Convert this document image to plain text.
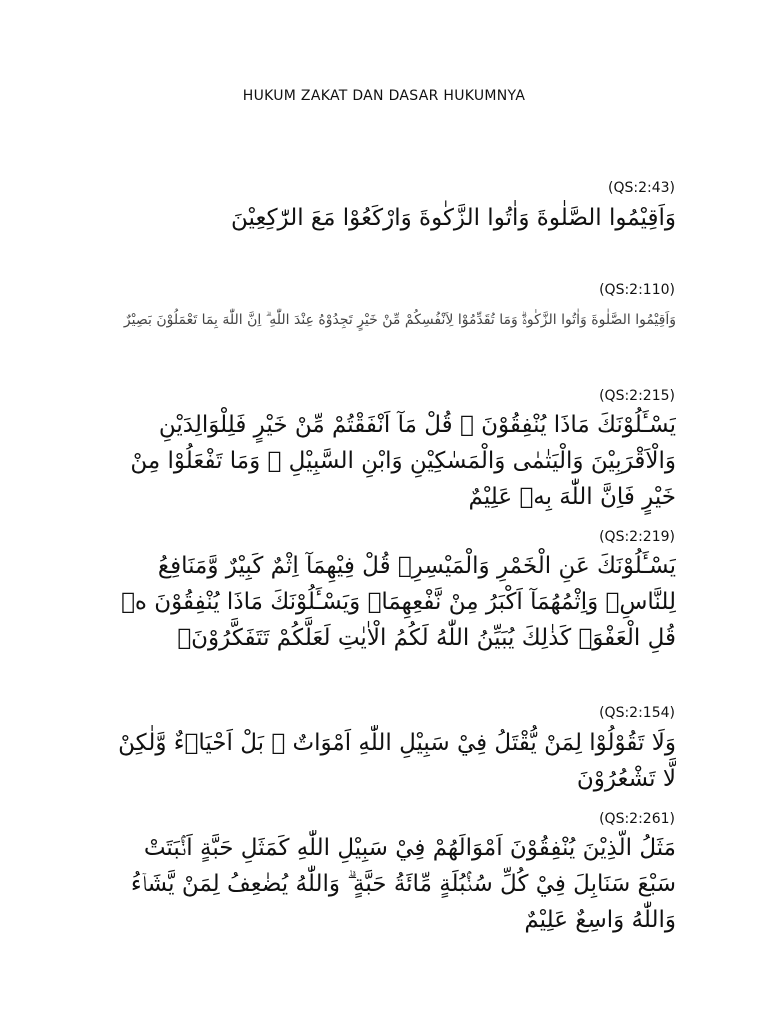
HUKUM ZAKAT DAN DASAR HUKUMNYA
(QS:2:43)
وَاَقِيْمُوا الصَّلٰوةَ وَاٰتُوا الزَّكٰوةَ وَارْكَعُوْا مَعَ الرّٰكِعِيْنَ
(QS:2:110)
وَاَقِيْمُوا الصَّلٰوةَ وَاٰتُوا الزَّكٰوةَۗ وَمَا تُقَدِّمُوْا لِاَنْفُسِكُمْ مِّنْ خَيْرٍ تَجِدُوْهُ عِنْدَ اللّٰهِ ۗ اِنَّ اللّٰهَ بِمَا تَعْمَلُوْنَ بَصِيْرٌ
(QS:2:215)
يَسْـَٔلُوْنَكَ مَاذَا يُنْفِقُوْنَ ۗ قُلْ مَآ اَنْفَقْتُمْ مِّنْ خَيْرٍ فَلِلْوَالِدَيْنِ وَالْاَقْرَبِيْنَ وَالْيَتٰمٰى وَالْمَسٰكِيْنِ وَابْنِ السَّبِيْلِ ۗ وَمَا تَفْعَلُوْا مِنْ خَيْرٍ فَاِنَّ اللّٰهَ بِهٖ عَلِيْمٌ
(QS:2:219)
يَسْـَٔلُوْنَكَ عَنِ الْخَمْرِ وَالْمَيْسِرِۗ قُلْ فِيْهِمَآ اِثْمٌ كَبِيْرٌ وَّمَنَافِعُ لِلنَّاسِۖ وَاِثْمُهُمَآ اَكْبَرُ مِنْ نَّفْعِهِمَاۗ وَيَسْـَٔلُوْنَكَ مَاذَا يُنْفِقُوْنَ ەۗ قُلِ الْعَفْوَۗ كَذٰلِكَ يُبَيِّنُ اللّٰهُ لَكُمُ الْاٰيٰتِ لَعَلَّكُمْ تَتَفَكَّرُوْنَۙ
(QS:2:154)
وَلَا تَقُوْلُوْا لِمَنْ يُّقْتَلُ فِيْ سَبِيْلِ اللّٰهِ اَمْوَاتٌ ۗ بَلْ اَحْيَاۤءٌ وَّلٰكِنْ لَّا تَشْعُرُوْنَ
(QS:2:261)
مَثَلُ الَّذِيْنَ يُنْفِقُوْنَ اَمْوَالَهُمْ فِيْ سَبِيْلِ اللّٰهِ كَمَثَلِ حَبَّةٍ اَنْۢبَتَتْ سَبْعَ سَنَابِلَ فِيْ كُلِّ سُنْۢبُلَةٍ مِّائَةُ حَبَّةٍ ۗ وَاللّٰهُ يُضٰعِفُ لِمَنْ يَّشَاۤءُ ۗوَاللّٰهُ وَاسِعٌ عَلِيْمٌ
